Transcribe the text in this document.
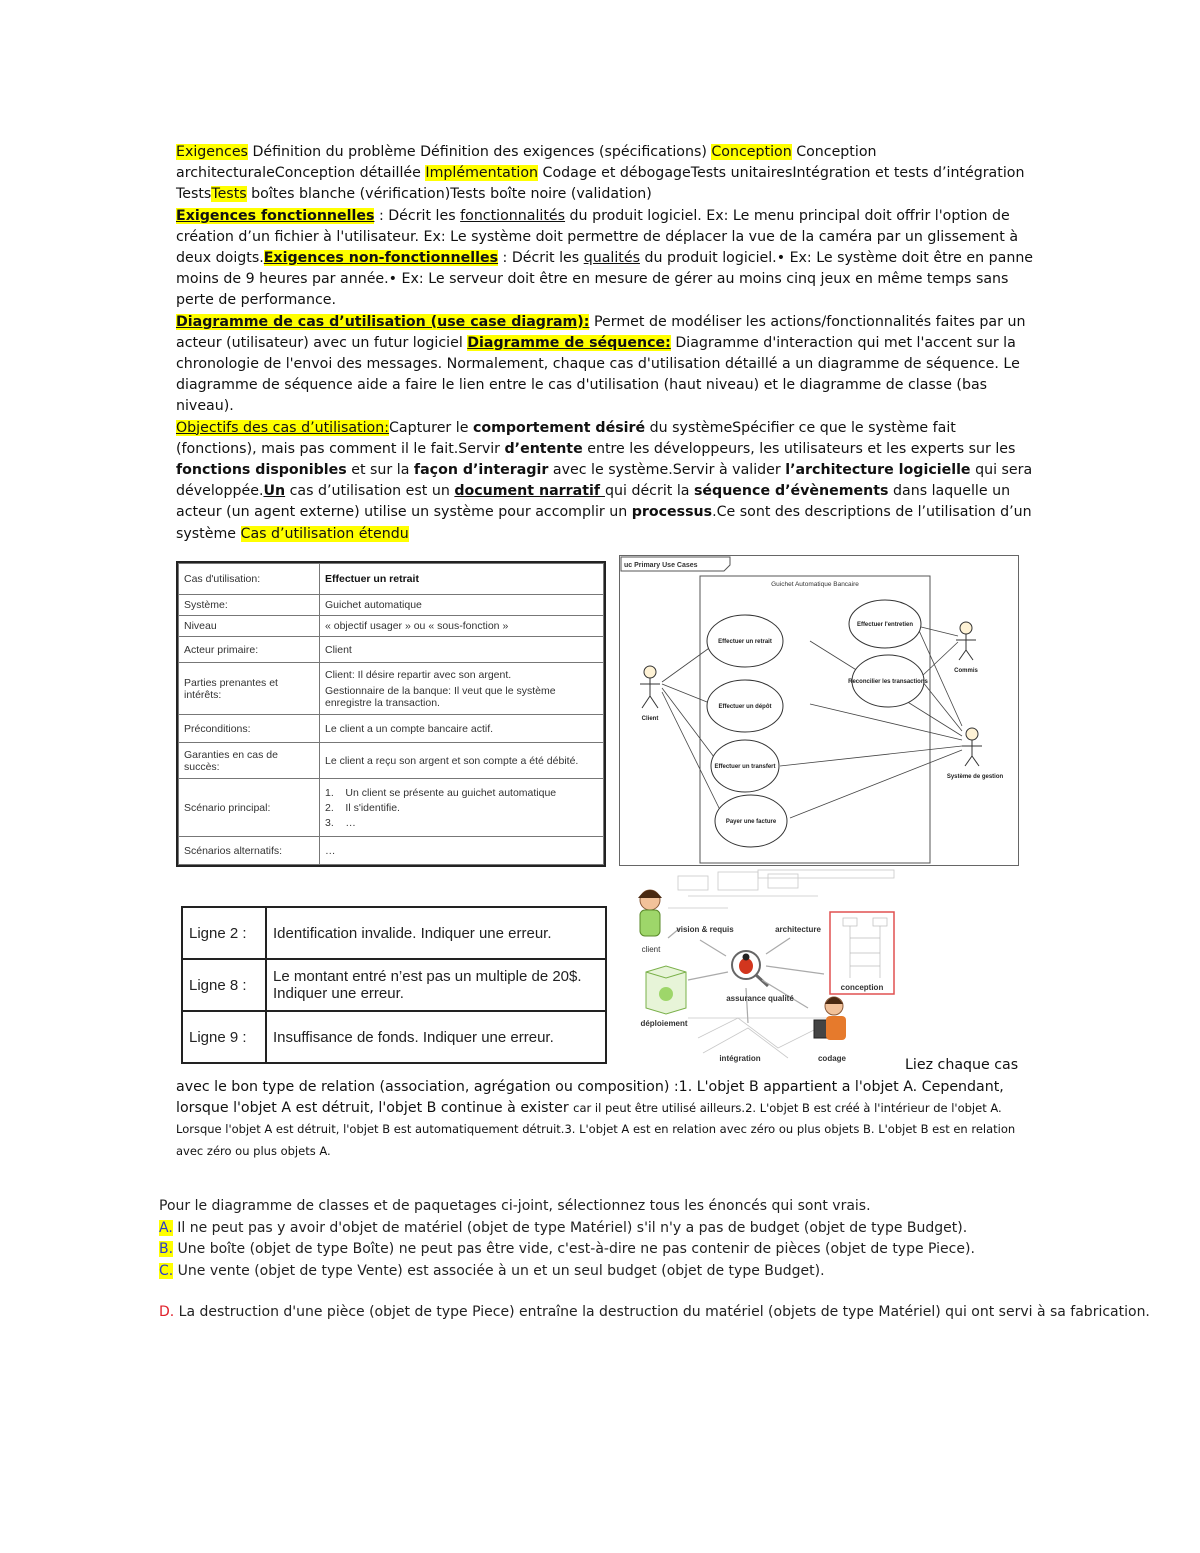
Exigences Définition du problème Définition des exigences (spécifications) Conception Conception architecturaleConception détaillée Implémentation Codage et débogageTests unitairesIntégration et tests d’intégration TestsTests boîtes blanche (vérification)Tests boîte noire (validation)
Exigences fonctionnelles : Décrit les fonctionnalités du produit logiciel. Ex: Le menu principal doit offrir l'option de création d’un fichier à l'utilisateur. Ex: Le système doit permettre de déplacer la vue de la caméra par un glissement à deux doigts.Exigences non-fonctionnelles : Décrit les qualités du produit logiciel.• Ex: Le système doit être en panne moins de 9 heures par année.• Ex: Le serveur doit être en mesure de gérer au moins cinq jeux en même temps sans perte de performance.
Diagramme de cas d’utilisation (use case diagram): Permet de modéliser les actions/fonctionnalités faites par un acteur (utilisateur) avec un futur logiciel Diagramme de séquence: Diagramme d'interaction qui met l'accent sur la chronologie de l'envoi des messages. Normalement, chaque cas d'utilisation détaillé a un diagramme de séquence. Le diagramme de séquence aide a faire le lien entre le cas d'utilisation (haut niveau) et le diagramme de classe (bas niveau).
Objectifs des cas d’utilisation:Capturer le comportement désiré du systèmeSpécifier ce que le système fait (fonctions), mais pas comment il le fait.Servir d’entente entre les développeurs, les utilisateurs et les experts sur les fonctions disponibles et sur la façon d’interagir avec le système.Servir à valider l’architecture logicielle qui sera développée.Un cas d’utilisation est un document narratif qui décrit la séquence d’évènements dans laquelle un acteur (un agent externe) utilise un système pour accomplir un processus.Ce sont des descriptions de l’utilisation d’un système Cas d’utilisation étendu
Cas d'utilisation:	Effectuer un retrait
Système:	Guichet automatique
Niveau	« objectif usager » ou « sous-fonction »
Acteur primaire:	Client
Parties prenantes et intérêts:	Client: Il désire repartir avec son argent.
Gestionnaire de la banque: Il veut que le système enregistre la transaction.

Préconditions:	Le client a un compte bancaire actif.
Garanties en cas de succès:	Le client a reçu son argent et son compte a été débité.
Scénario principal:	1.    Un client se présente au guichet automatique
2.    Il s'identifie.
3.    …

Scénarios alternatifs:	…
uc Primary Use Cases
Guichet Automatique Bancaire
Effectuer un retrait
Effectuer un dépôt
Effectuer un transfert
Payer une facture
Effectuer l'entretien
Reconcilier les transactions
Client
Commis
Système de gestion
Ligne 2 :	Identification invalide. Indiquer une erreur.
Ligne 8 :	Le montant entré n’est pas un multiple de 20$.
Indiquer une erreur.

Ligne 9 :	Insuffisance de fonds. Indiquer une erreur.
client
vision & requis	architecture
conception
assurance qualité
déploiement
intégration	codage	Liez chaque cas
avec le bon type de relation (association, agrégation ou composition) :1. L'objet B appartient a l'objet A. Cependant, lorsque l'objet A est détruit, l'objet B continue à exister car il peut être utilisé ailleurs.2. L'objet B est créé à l'intérieur de l'objet A. Lorsque l'objet A est détruit, l'objet B est automatiquement détruit.3. L'objet A est en relation avec zéro ou plus objets B. L'objet B est en relation avec zéro ou plus objets A.
Pour le diagramme de classes et de paquetages ci-joint, sélectionnez tous les énoncés qui sont vrais.
A. Il ne peut pas y avoir d'objet de matériel (objet de type Matériel) s'il n'y a pas de budget (objet de type Budget).
B. Une boîte (objet de type Boîte) ne peut pas être vide, c'est-à-dire ne pas contenir de pièces (objet de type Piece).
C. Une vente (objet de type Vente) est associée à un et un seul budget (objet de type Budget).
D. La destruction d'une pièce (objet de type Piece) entraîne la destruction du matériel (objets de type Matériel) qui ont servi à sa fabrication.
